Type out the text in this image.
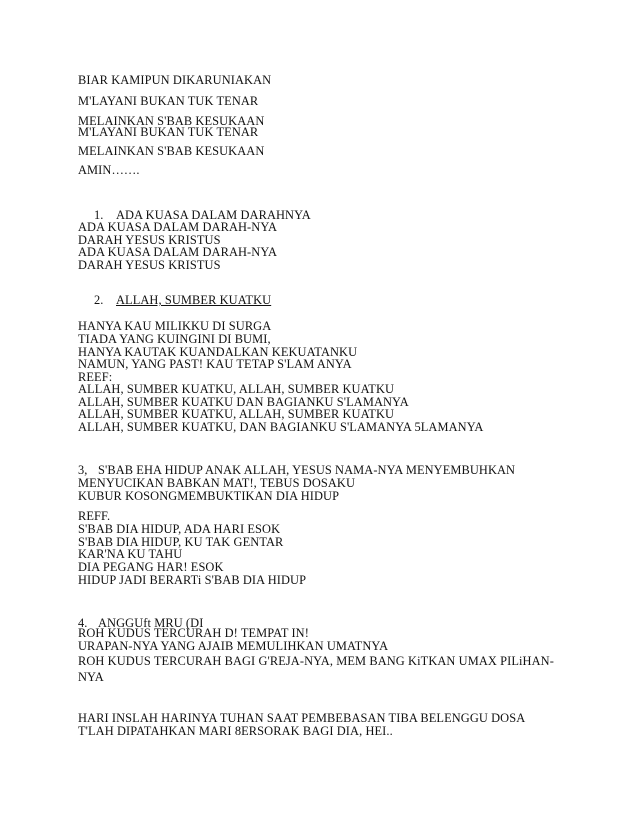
BIAR KAMIPUN DIKARUNIAKAN
M'LAYANI BUKAN TUK TENAR
MELAINKAN S'BAB KESUKAAN
M'LAYANI BUKAN TUK TENAR
MELAINKAN S'BAB KESUKAAN
AMIN…….
1. ADA KUASA DALAM DARAHNYA
ADA KUASA DALAM DARAH-NYA
DARAH YESUS KRISTUS
ADA KUASA DALAM DARAH-NYA
DARAH YESUS KRISTUS
2. ALLAH, SUMBER KUATKU
HANYA KAU MILIKKU DI SURGA
TIADA YANG KUINGINI DI BUMI,
HANYA KAUTAK KUANDALKAN KEKUATANKU
NAMUN, YANG PAST! KAU TETAP S'LAM ANYA
REEF:
ALLAH, SUMBER KUATKU, ALLAH, SUMBER KUATKU
ALLAH, SUMBER KUATKU DAN BAGIANKU S'LAMANYA
ALLAH, SUMBER KUATKU, ALLAH, SUMBER KUATKU
ALLAH, SUMBER KUATKU, DAN BAGIANKU S'LAMANYA 5LAMANYA
3, S'BAB EHA HIDUP ANAK ALLAH, YESUS NAMA-NYA MENYEMBUHKAN
MENYUCIKAN BABKAN MAT!, TEBUS DOSAKU
KUBUR KOSONGMEMBUKTIKAN DIA HIDUP
REFF.
S'BAB DIA HIDUP, ADA HARI ESOK
S'BAB DIA HIDUP, KU TAK GENTAR
KAR'NA KU TAHU
DIA PEGANG HAR! ESOK
HIDUP JADI BERARTi S'BAB DIA HIDUP
4. ANGGUft MRU (DI
ROH KUDUS TERCURAH D! TEMPAT IN!
URAPAN-NYA YANG AJAIB MEMULIHKAN UMATNYA
ROH KUDUS TERCURAH BAGI G'REJA-NYA, MEM BANG KiTKAN UMAX PILiHAN-
NYA
HARI INSLAH HARINYA TUHAN SAAT PEMBEBASAN TIBA BELENGGU DOSA
T'LAH DIPATAHKAN MARI 8ERSORAK BAGI DIA, HEI..
